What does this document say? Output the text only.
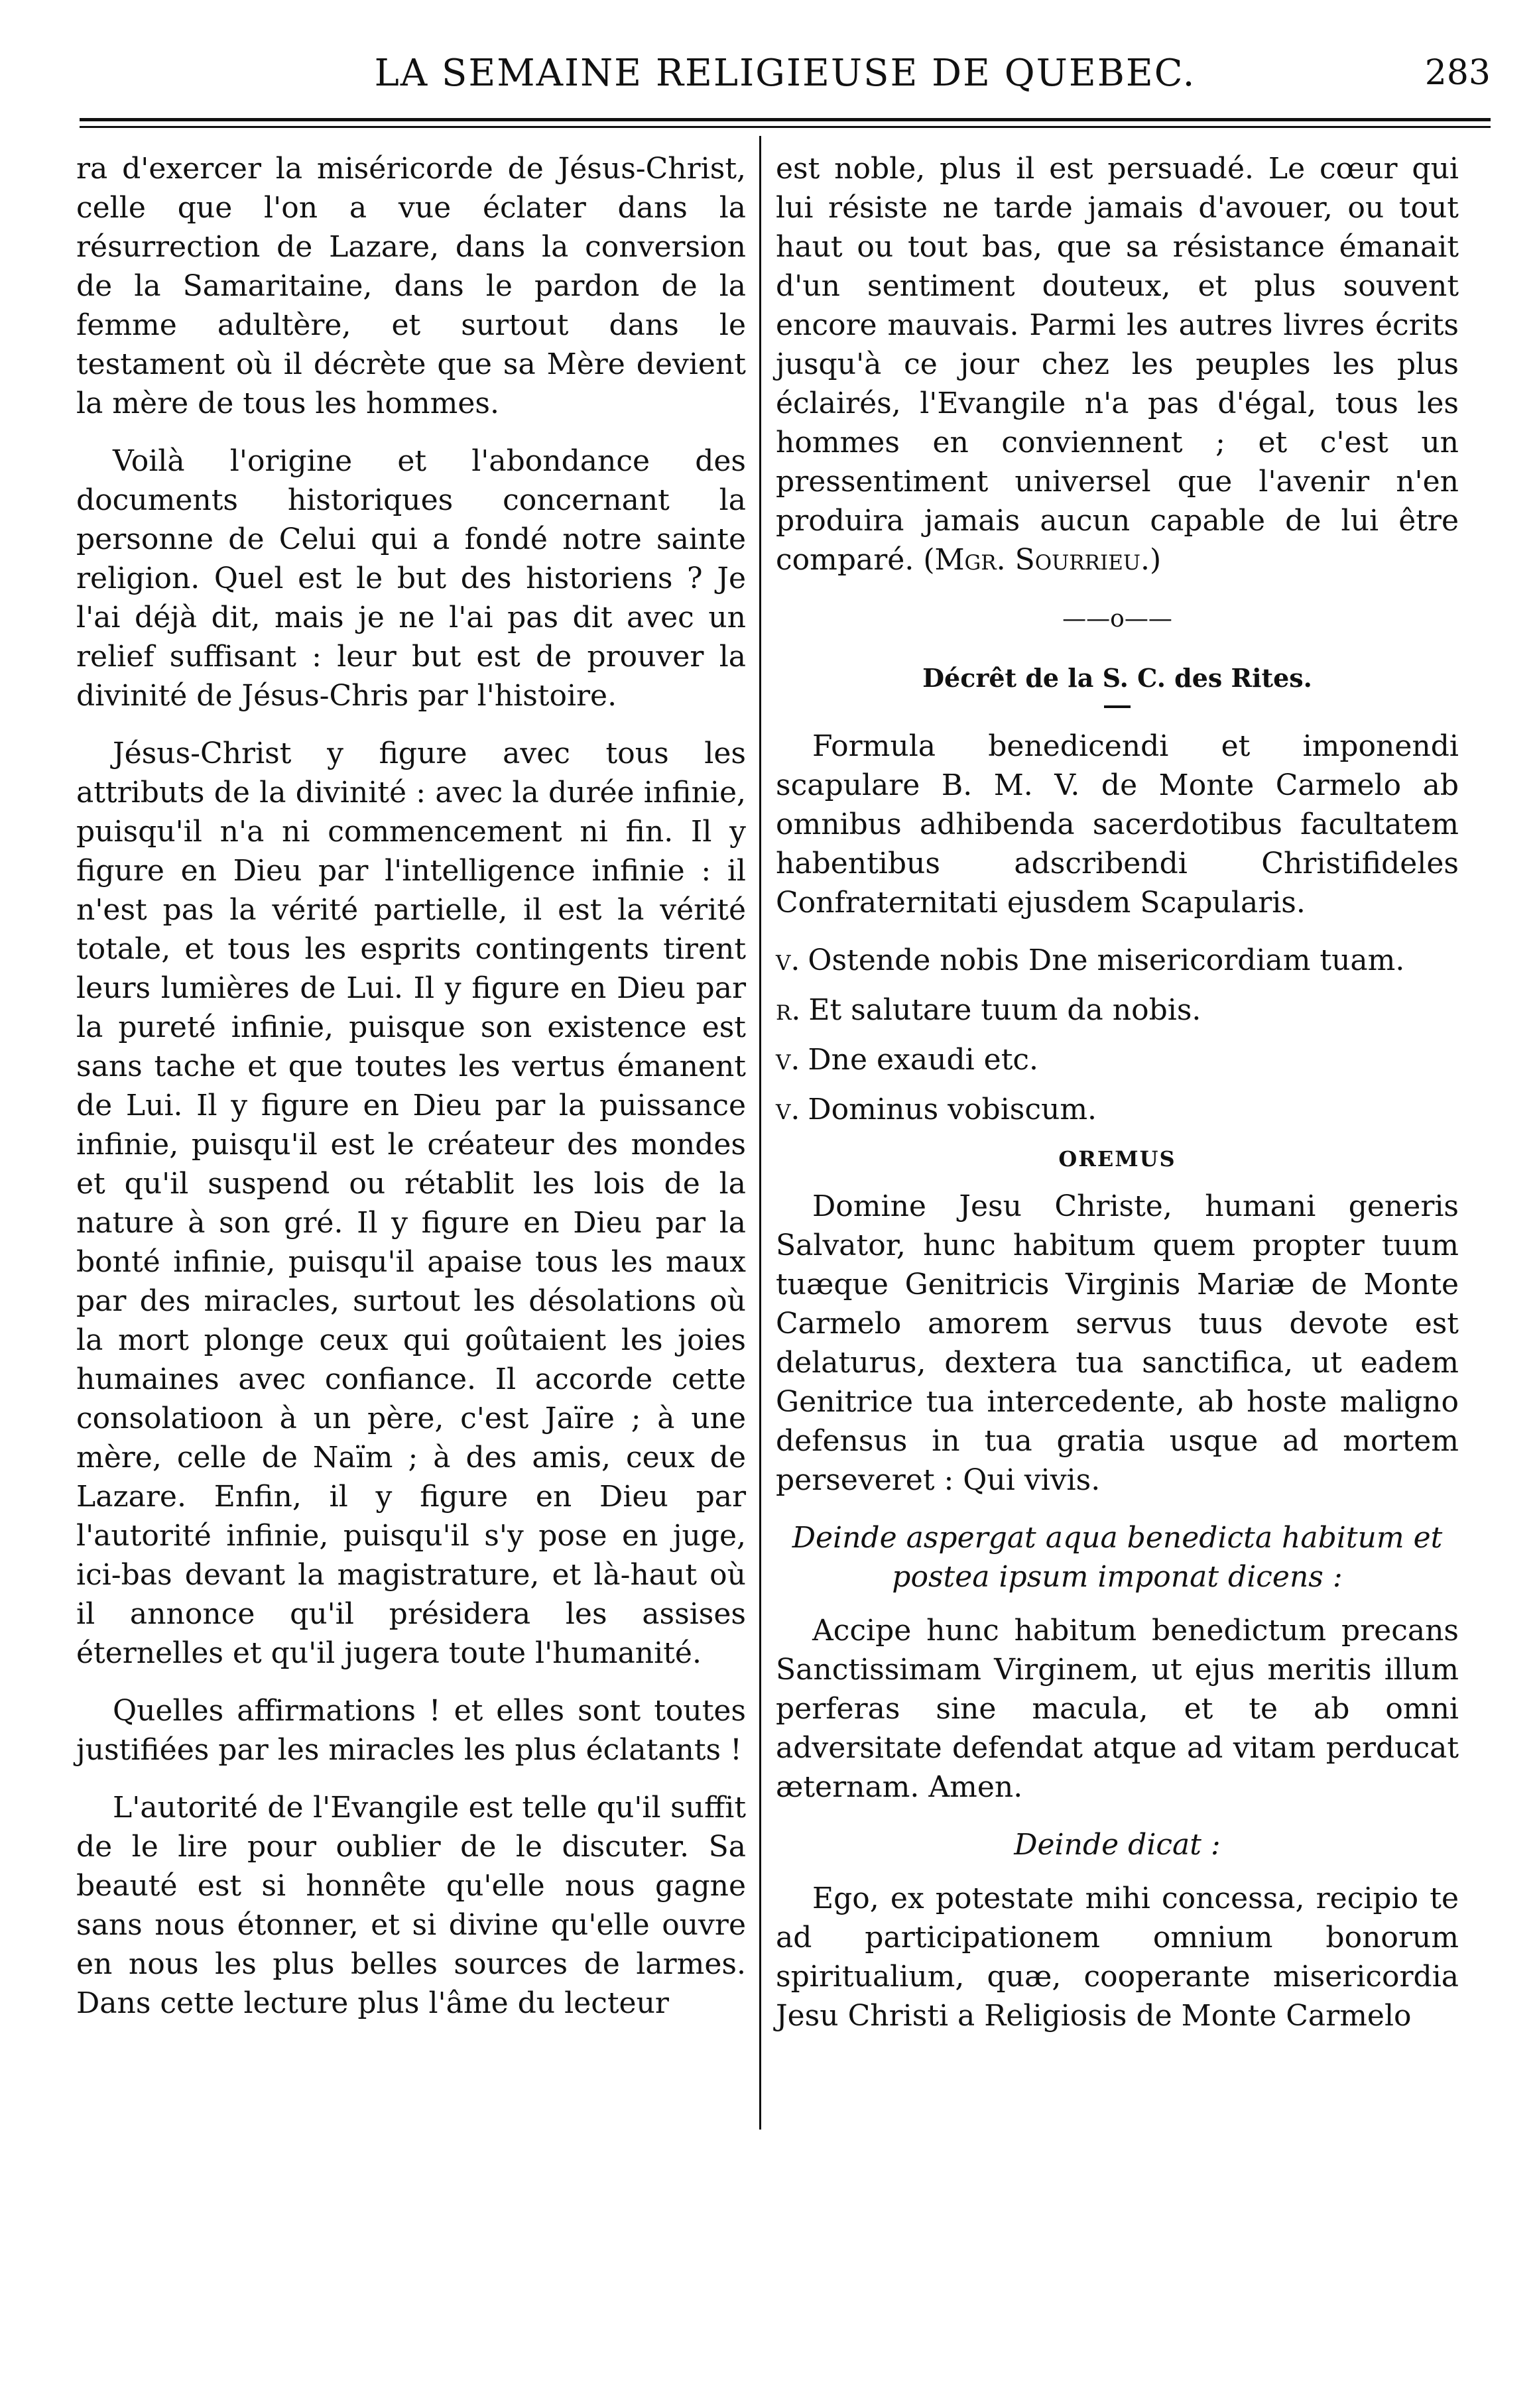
LA SEMAINE RELIGIEUSE DE QUEBEC.	283

ra d'exercer la miséricorde de Jésus-Christ, celle que l'on a vue éclater dans la résurrection de Lazare, dans la conversion de la Samaritaine, dans le pardon de la femme adultère, et surtout dans le testament où il décrète que sa Mère devient la mère de tous les hommes.

Voilà l'origine et l'abondance des documents historiques concernant la personne de Celui qui a fondé notre sainte religion. Quel est le but des historiens ? Je l'ai déjà dit, mais je ne l'ai pas dit avec un relief suffisant : leur but est de prouver la divinité de Jésus-Chris par l'histoire.

Jésus-Christ y figure avec tous les attributs de la divinité : avec la durée infinie, puisqu'il n'a ni commencement ni fin. Il y figure en Dieu par l'intelligence infinie : il n'est pas la vérité partielle, il est la vérité totale, et tous les esprits contingents tirent leurs lumières de Lui. Il y figure en Dieu par la pureté infinie, puisque son existence est sans tache et que toutes les vertus émanent de Lui. Il y figure en Dieu par la puissance infinie, puisqu'il est le créateur des mondes et qu'il suspend ou rétablit les lois de la nature à son gré. Il y figure en Dieu par la bonté infinie, puisqu'il apaise tous les maux par des miracles, surtout les désolations où la mort plonge ceux qui goûtaient les joies humaines avec confiance. Il accorde cette consolatioon à un père, c'est Jaïre ; à une mère, celle de Naïm ; à des amis, ceux de Lazare. Enfin, il y figure en Dieu par l'autorité infinie, puisqu'il s'y pose en juge, ici-bas devant la magistrature, et là-haut où il annonce qu'il présidera les assises éternelles et qu'il jugera toute l'humanité.

Quelles affirmations ! et elles sont toutes justifiées par les miracles les plus éclatants !

L'autorité de l'Evangile est telle qu'il suffit de le lire pour oublier de le discuter. Sa beauté est si honnête qu'elle nous gagne sans nous étonner, et si divine qu'elle ouvre en nous les plus belles sources de larmes. Dans cette lecture plus l'âme du lecteur

est noble, plus il est persuadé. Le cœur qui lui résiste ne tarde jamais d'avouer, ou tout haut ou tout bas, que sa résistance émanait d'un sentiment douteux, et plus souvent encore mauvais. Parmi les autres livres écrits jusqu'à ce jour chez les peuples les plus éclairés, l'Evangile n'a pas d'égal, tous les hommes en conviennent ; et c'est un pressentiment universel que l'avenir n'en produira jamais aucun capable de lui être comparé. (Mgr. Sourrieu.)

——o——
Décrêt de la S. C. des Rites.

Formula benedicendi et imponendi scapulare B. M. V. de Monte Carmelo ab omnibus adhibenda sacerdotibus facultatem habentibus adscribendi Christifideles Confraternitati ejusdem Scapularis.

v. Ostende nobis Dne misericordiam tuam.
r. Et salutare tuum da nobis.
v. Dne exaudi etc.
v. Dominus vobiscum.
OREMUS

Domine Jesu Christe, humani generis Salvator, hunc habitum quem propter tuum tuæque Genitricis Virginis Mariæ de Monte Carmelo amorem servus tuus devote est delaturus, dextera tua sanctifica, ut eadem Genitrice tua intercedente, ab hoste maligno defensus in tua gratia usque ad mortem perseveret : Qui vivis.

Deinde aspergat aqua benedicta habitum et postea ipsum imponat dicens :

Accipe hunc habitum benedictum precans Sanctissimam Virginem, ut ejus meritis illum perferas sine macula, et te ab omni adversitate defendat atque ad vitam perducat æternam. Amen.

Deinde dicat :

Ego, ex potestate mihi concessa, recipio te ad participationem omnium bonorum spiritualium, quæ, cooperante misericordia Jesu Christi a Religiosis de Monte Carmelo
